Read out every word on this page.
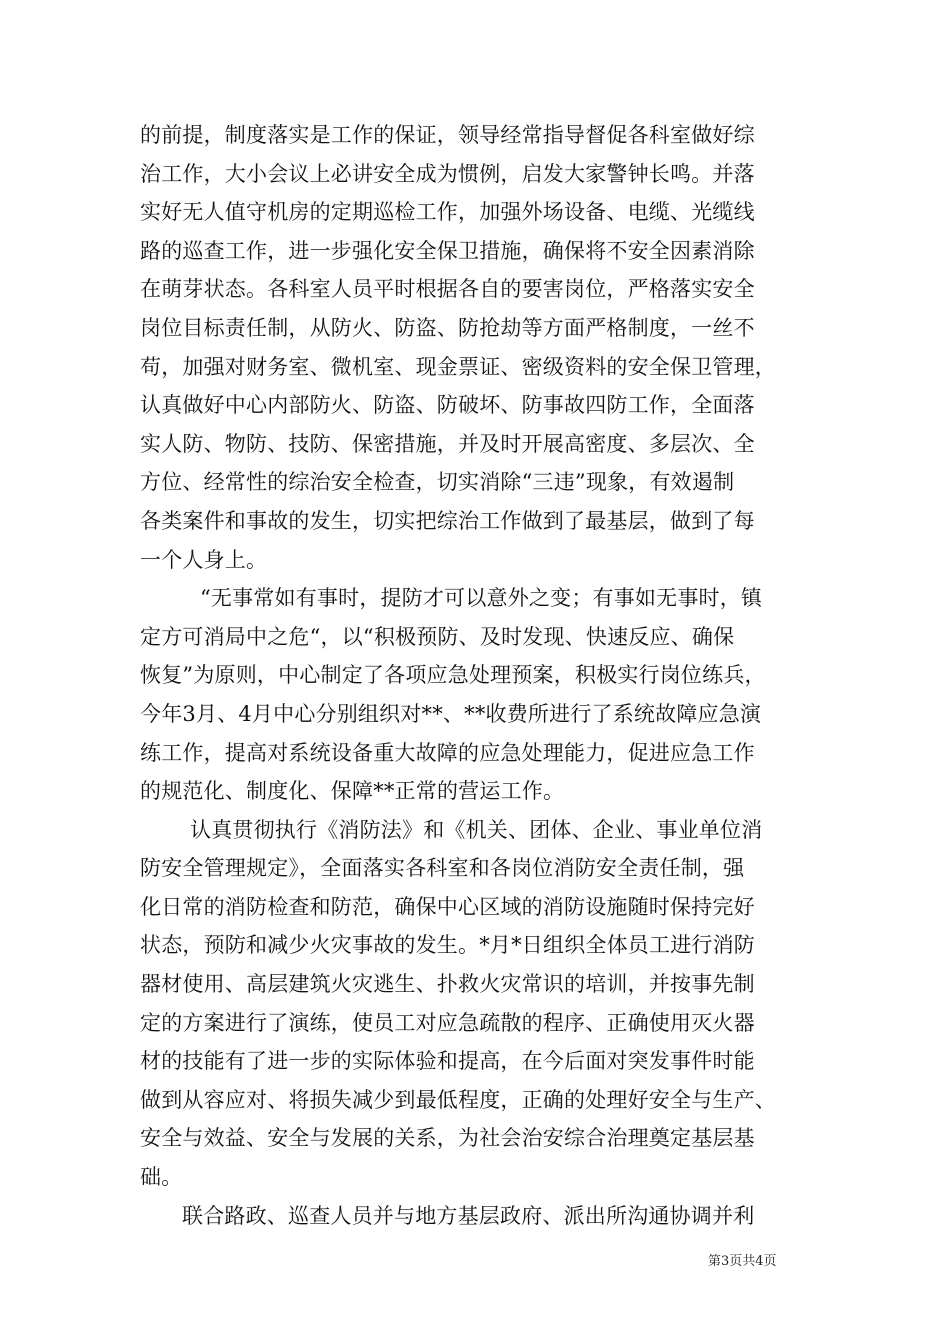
的前提，制度落实是工作的保证，领导经常指导督促各科室做好综
治工作，大小会议上必讲安全成为惯例，启发大家警钟长鸣。并落
实好无人值守机房的定期巡检工作，加强外场设备、电缆、光缆线
路的巡查工作，进一步强化安全保卫措施，确保将不安全因素消除
在萌芽状态。各科室人员平时根据各自的要害岗位，严格落实安全
岗位目标责任制，从防火、防盗、防抢劫等方面严格制度，一丝不
苟，加强对财务室、微机室、现金票证、密级资料的安全保卫管理，
认真做好中心内部防火、防盗、防破坏、防事故四防工作，全面落
实人防、物防、技防、保密措施，并及时开展高密度、多层次、全
方位、经常性的综治安全检查，切实消除“三违”现象，有效遏制
各类案件和事故的发生，切实把综治工作做到了最基层，做到了每
一个人身上。
“无事常如有事时，提防才可以意外之变；有事如无事时，镇
定方可消局中之危“，以“积极预防、及时发现、快速反应、确保
恢复”为原则，中心制定了各项应急处理预案，积极实行岗位练兵，
今年3月、4月中心分别组织对**、**收费所进行了系统故障应急演
练工作，提高对系统设备重大故障的应急处理能力，促进应急工作
的规范化、制度化、保障**正常的营运工作。
认真贯彻执行《消防法》和《机关、团体、企业、事业单位消
防安全管理规定》，全面落实各科室和各岗位消防安全责任制，强
化日常的消防检查和防范，确保中心区域的消防设施随时保持完好
状态，预防和减少火灾事故的发生。*月*日组织全体员工进行消防
器材使用、高层建筑火灾逃生、扑救火灾常识的培训，并按事先制
定的方案进行了演练，使员工对应急疏散的程序、正确使用灭火器
材的技能有了进一步的实际体验和提高，在今后面对突发事件时能
做到从容应对、将损失减少到最低程度，正确的处理好安全与生产、
安全与效益、安全与发展的关系，为社会治安综合治理奠定基层基
础。
联合路政、巡查人员并与地方基层政府、派出所沟通协调并利
第3页共4页
